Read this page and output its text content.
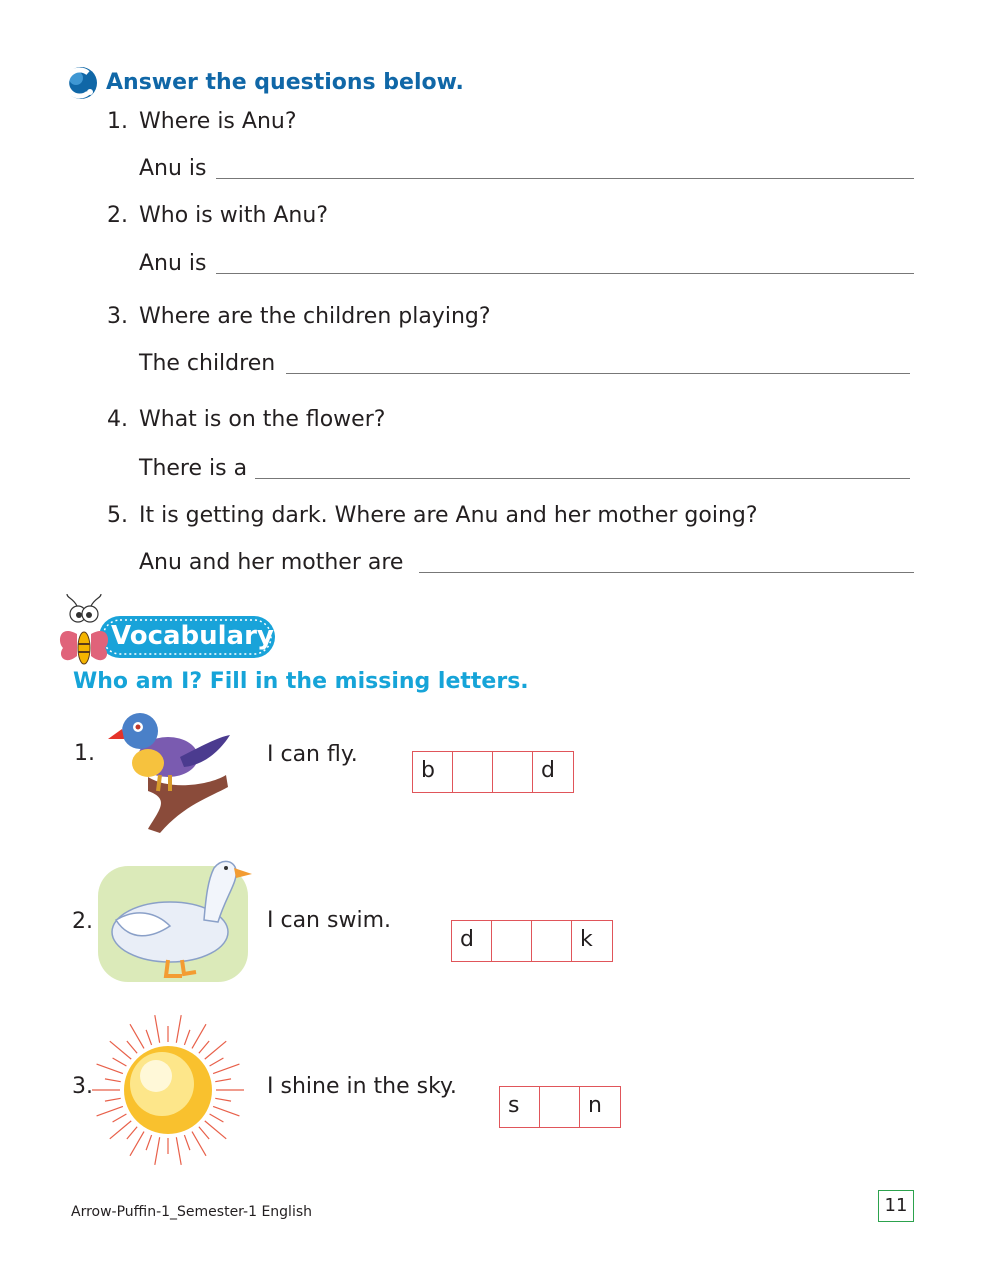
Answer the questions below.
1. Where is Anu?
Anu is
2. Who is with Anu?
Anu is
3. Where are the children playing?
The children
4. What is on the flower?
There is a
5. It is getting dark. Where are Anu and her mother going?
Anu and her mother are
Vocabulary
Who am I? Fill in the missing letters.
1.	I can fly.
b	d
2.	I can swim.
d	k
3.	I shine in the sky.
s	n
Arrow-Puffin-1_Semester-1 English	11
